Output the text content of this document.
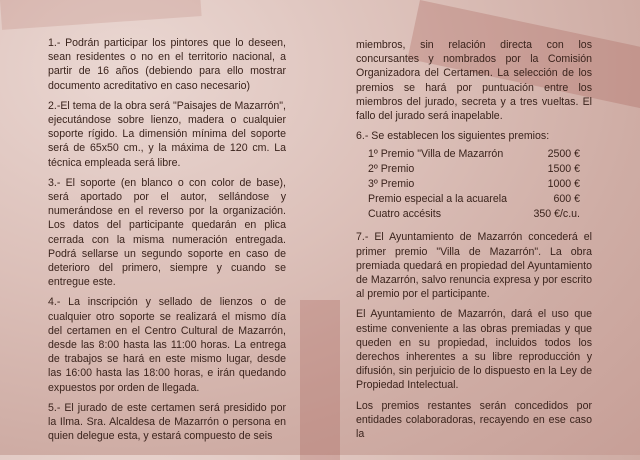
1.- Podrán participar los pintores que lo deseen, sean residentes o no en el territorio nacional, a partir de 16 años (debiendo para ello mostrar documento acreditativo en caso necesario)

2.-El tema de la obra será "Paisajes de Mazarrón", ejecutándose sobre lienzo, madera o cualquier soporte rígido. La dimensión mínima del soporte será de 65x50 cm., y la máxima de 120 cm. La técnica empleada será libre.

3.- El soporte (en blanco o con color de base), será aportado por el autor, sellándose y numerándose en el reverso por la organización. Los datos del participante quedarán en plica cerrada con la misma numeración entregada. Podrá sellarse un segundo soporte en caso de deterioro del primero, siempre y cuando se entregue este.

4.- La inscripción y sellado de lienzos o de cualquier otro soporte se realizará el mismo día del certamen en el Centro Cultural de Mazarrón, desde las 8:00 hasta las 11:00 horas. La entrega de trabajos se hará en este mismo lugar, desde las 16:00 hasta las 18:00 horas, e irán quedando expuestos por orden de llegada.

5.- El jurado de este certamen será presidido por la Ilma. Sra. Alcaldesa de Mazarrón o persona en quien delegue esta, y estará compuesto de seis

miembros, sin relación directa con los concursantes y nombrados por la Comisión Organizadora del Certamen. La selección de los premios se hará por puntuación entre los miembros del jurado, secreta y a tres vueltas. El fallo del jurado será inapelable.

6.- Se establecen los siguientes premios:

1º Premio "Villa de Mazarrón	2500 €
2º Premio	1500 €
3º Premio	1000 €
Premio especial a la acuarela	600 €
Cuatro accésits	350 €/c.u.

7.- El Ayuntamiento de Mazarrón concederá el primer premio "Villa de Mazarrón". La obra premiada quedará en propiedad del Ayuntamiento de Mazarrón, salvo renuncia expresa y por escrito al premio por el participante.

El Ayuntamiento de Mazarrón, dará el uso que estime conveniente a las obras premiadas y que queden en su propiedad, incluidos todos los derechos inherentes a su libre reproducción y difusión, sin perjuicio de lo dispuesto en la Ley de Propiedad Intelectual.

Los premios restantes serán concedidos por entidades colaboradoras, recayendo en ese caso la
